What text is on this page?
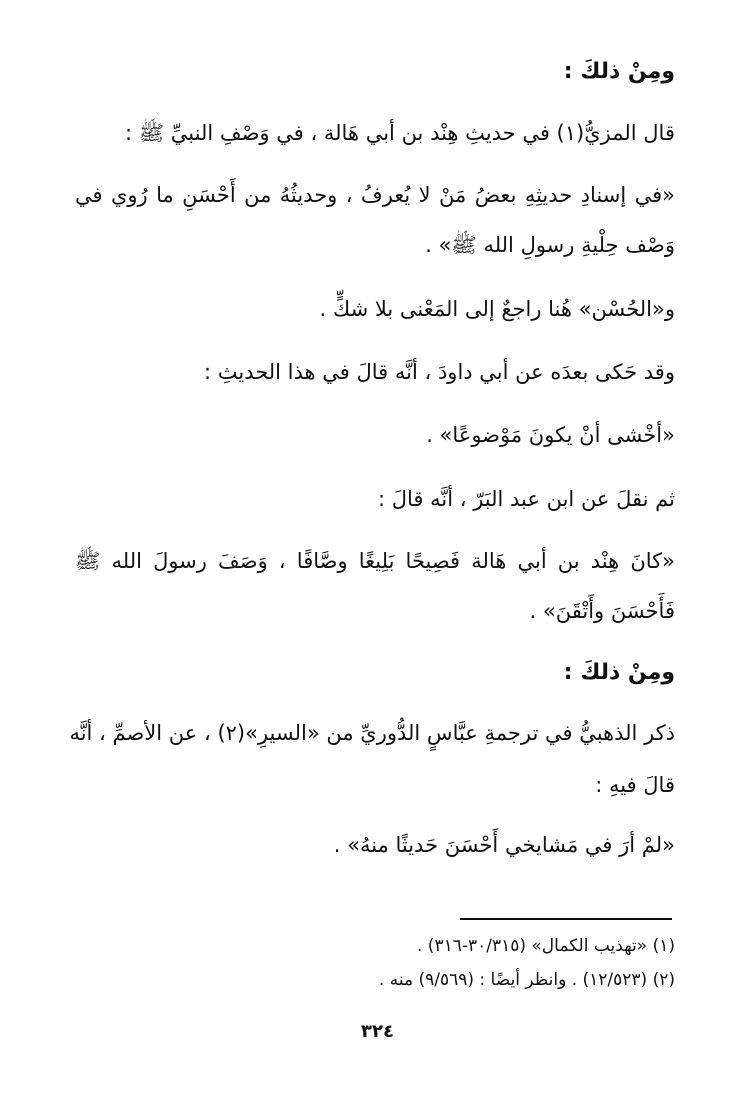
ومِنْ ذلكَ :
قال المزيُّ(١) في حديثِ هِنْد بن أبي هَالة ، في وَصْفِ النبيِّ ﷺ :
«في إسنادِ حديثِهِ بعضُ مَنْ لا يُعرفُ ، وحديثُهُ من أَحْسَنِ ما رُوي في
وَصْف حِلْيةِ رسولِ الله ﷺ» .
و«الحُسْن» هُنا راجعٌ إلى المَعْنى بلا شكٍّ .
وقد حَكى بعدَه عن أبي داودَ ، أنَّه قالَ في هذا الحديثِ :
«أخْشى أنْ يكونَ مَوْضوعًا» .
ثم نقلَ عن ابن عبد البَرّ ، أنَّه قالَ :
«كانَ هِنْد بن أبي هَالة فَصِيحًا بَلِيغًا وصَّافًا ، وَصَفَ رسولَ الله ﷺ
فَأَحْسَنَ وأَتْقَنَ» .
ومِنْ ذلكَ :
ذكر الذهبيُّ في ترجمةِ عبَّاسٍ الدُّوريِّ من «السيرِ»(٢) ، عن الأصمِّ ، أنَّه
قالَ فيهِ :
«لمْ أرَ في مَشايخي أَحْسَنَ حَديثًا منهُ» .
(١) «تهذيب الكمال» (٣٠/٣١٥-٣١٦) .
(٢) (١٢/٥٢٣) . وانظر أيضًا : (٩/٥٦٩) منه .
٣٢٤
